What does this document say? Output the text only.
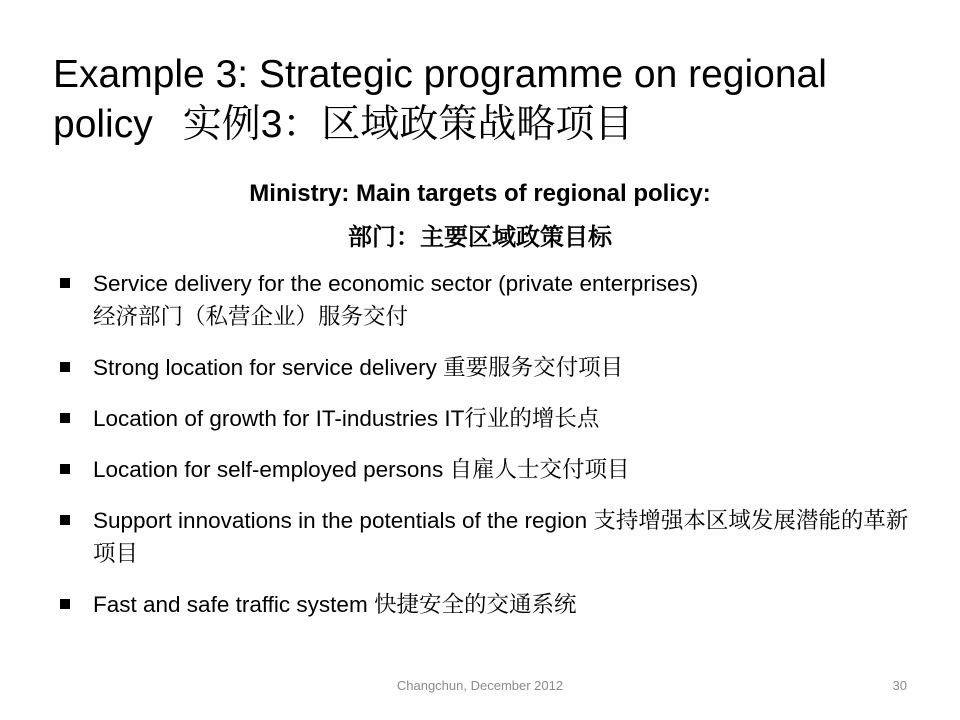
Example 3: Strategic programme on regional policy 实例3：区域政策战略项目
Ministry: Main targets of regional policy:
部门：主要区域政策目标
Service delivery for the economic sector (private enterprises)
经济部门（私营企业）服务交付
Strong location for service delivery 重要服务交付项目
Location of growth for IT-industries IT行业的增长点
Location for self-employed persons 自雇人士交付项目
Support innovations in the potentials of the region 支持增强本区域发展潜能的革新项目
Fast and safe traffic system 快捷安全的交通系统
Changchun, December 2012	30
